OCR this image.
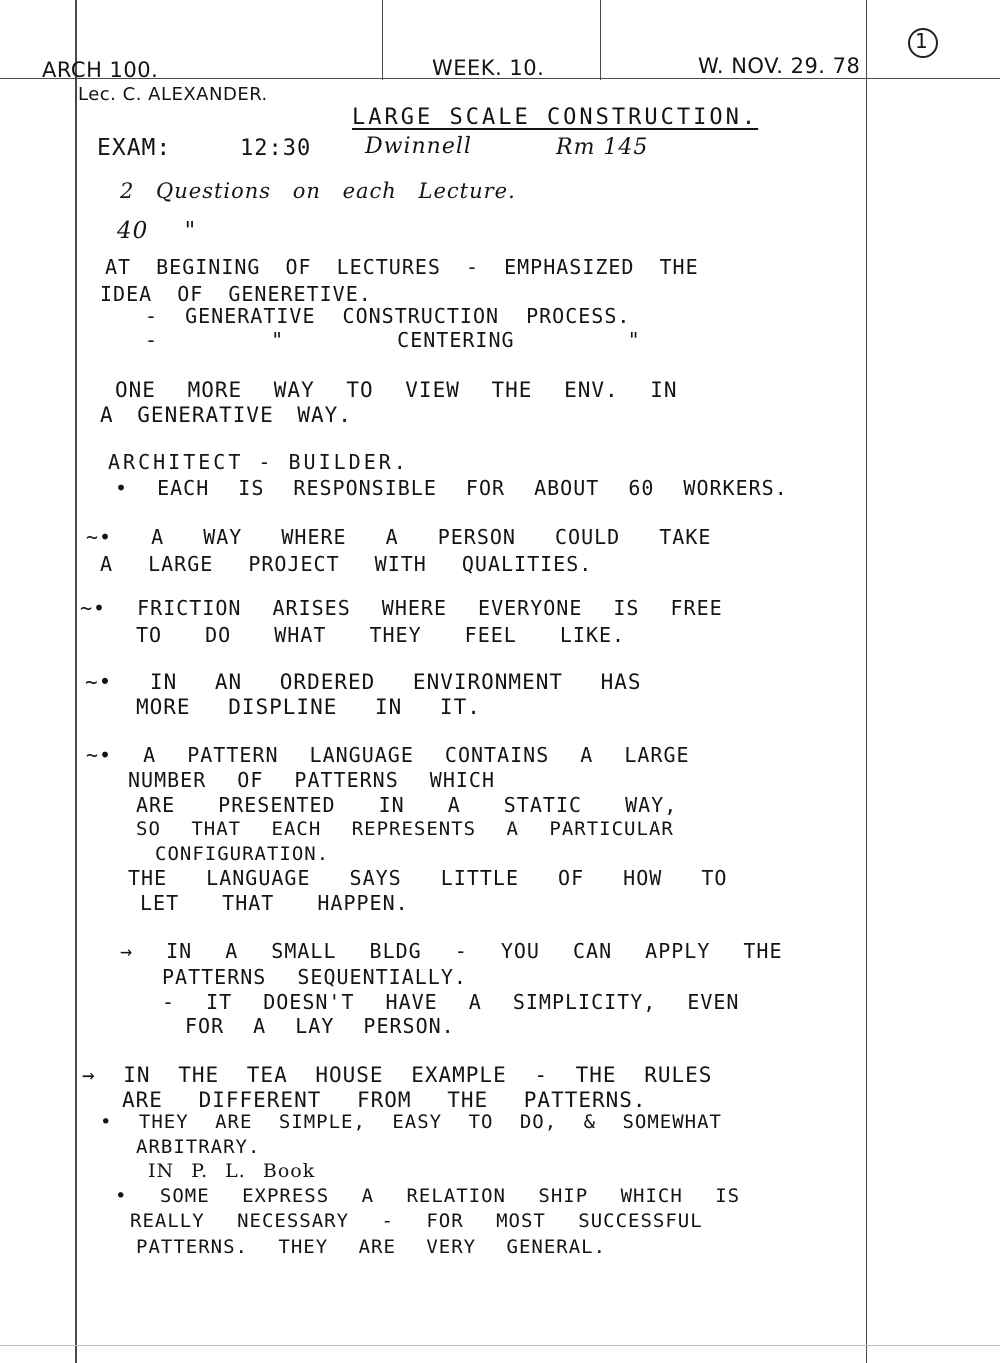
ARCH 100.	WEEK. 10.	W. NOV. 29. 78
1
Lec. C. ALEXANDER.
LARGE SCALE CONSTRUCTION.
EXAM:	12:30 Dwinnell	Rm 145
2 Questions on each Lecture.
40 "
AT BEGINING OF LECTURES - EMPHASIZED THE
IDEA OF GENERETIVE.
- GENERATIVE CONSTRUCTION PROCESS.
- " CENTERING "
ONE MORE WAY TO VIEW THE ENV. IN
A GENERATIVE WAY.
ARCHITECT - BUILDER.
• EACH IS RESPONSIBLE FOR ABOUT 60 WORKERS.
~• A WAY WHERE A PERSON COULD TAKE
A LARGE PROJECT WITH QUALITIES.
~• FRICTION ARISES WHERE EVERYONE IS FREE
TO DO WHAT THEY FEEL LIKE.
~• IN AN ORDERED ENVIRONMENT HAS
MORE DISPLINE IN IT.
~• A PATTERN LANGUAGE CONTAINS A LARGE
NUMBER OF PATTERNS WHICH
ARE PRESENTED IN A STATIC WAY,
SO THAT EACH REPRESENTS A PARTICULAR
CONFIGURATION.
THE LANGUAGE SAYS LITTLE OF HOW TO
LET THAT HAPPEN.
→ IN A SMALL BLDG - YOU CAN APPLY THE
PATTERNS SEQUENTIALLY.
- IT DOESN'T HAVE A SIMPLICITY, EVEN
FOR A LAY PERSON.
→ IN THE TEA HOUSE EXAMPLE - THE RULES
ARE DIFFERENT FROM THE PATTERNS.
• THEY ARE SIMPLE, EASY TO DO, & SOMEWHAT
ARBITRARY.
IN P. L. Book
• SOME EXPRESS A RELATION SHIP WHICH IS
REALLY NECESSARY - FOR MOST SUCCESSFUL
PATTERNS. THEY ARE VERY GENERAL.
